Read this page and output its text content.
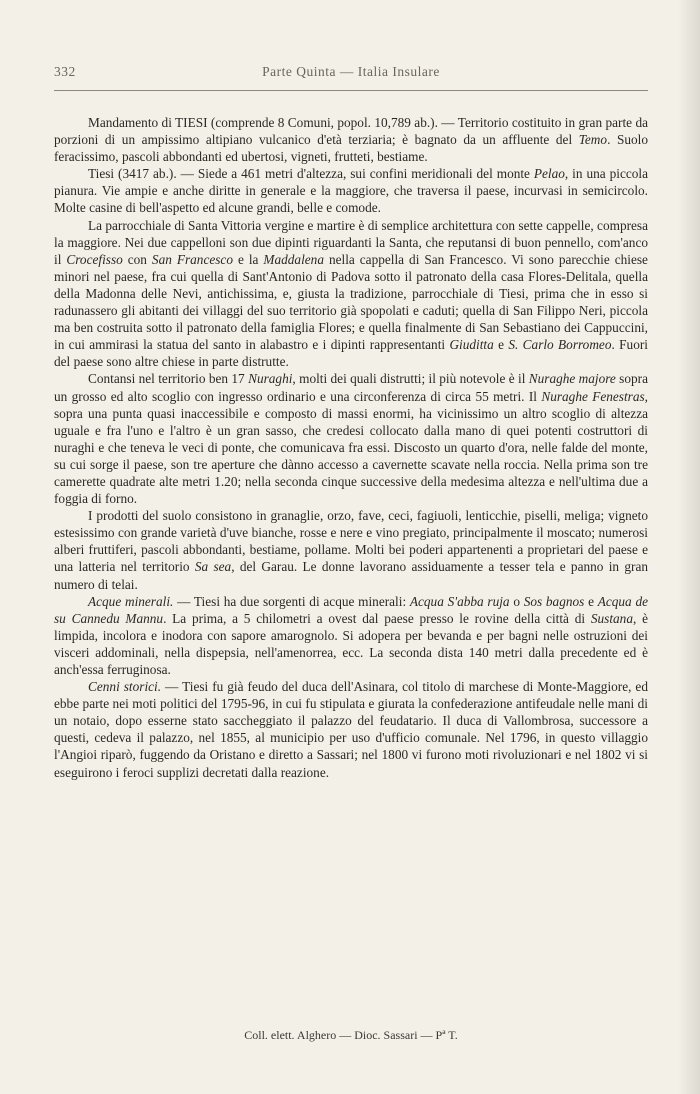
332	Parte Quinta — Italia Insulare

Mandamento di TIESI (comprende 8 Comuni, popol. 10,789 ab.). — Territorio costituito in gran parte da porzioni di un ampissimo altipiano vulcanico d'età terziaria; è bagnato da un affluente del Temo. Suolo feracissimo, pascoli abbondanti ed ubertosi, vigneti, frutteti, bestiame.

Tiesi (3417 ab.). — Siede a 461 metri d'altezza, sui confini meridionali del monte Pelao, in una piccola pianura. Vie ampie e anche diritte in generale e la maggiore, che traversa il paese, incurvasi in semicircolo. Molte casine di bell'aspetto ed alcune grandi, belle e comode.

La parrocchiale di Santa Vittoria vergine e martire è di semplice architettura con sette cappelle, compresa la maggiore. Nei due cappelloni son due dipinti riguardanti la Santa, che reputansi di buon pennello, com'anco il Crocefisso con San Francesco e la Maddalena nella cappella di San Francesco. Vi sono parecchie chiese minori nel paese, fra cui quella di Sant'Antonio di Padova sotto il patronato della casa Flores-Delitala, quella della Madonna delle Nevi, antichissima, e, giusta la tradizione, parrocchiale di Tiesi, prima che in esso si radunassero gli abitanti dei villaggi del suo territorio già spopolati e caduti; quella di San Filippo Neri, piccola ma ben costruita sotto il patronato della famiglia Flores; e quella finalmente di San Sebastiano dei Cappuccini, in cui ammirasi la statua del santo in alabastro e i dipinti rappresentanti Giuditta e S. Carlo Borromeo. Fuori del paese sono altre chiese in parte distrutte.

Contansi nel territorio ben 17 Nuraghi, molti dei quali distrutti; il più notevole è il Nuraghe majore sopra un grosso ed alto scoglio con ingresso ordinario e una circonferenza di circa 55 metri. Il Nuraghe Fenestras, sopra una punta quasi inaccessibile e composto di massi enormi, ha vicinissimo un altro scoglio di altezza uguale e fra l'uno e l'altro è un gran sasso, che credesi collocato dalla mano di quei potenti costruttori di nuraghi e che teneva le veci di ponte, che comunicava fra essi. Discosto un quarto d'ora, nelle falde del monte, su cui sorge il paese, son tre aperture che dànno accesso a cavernette scavate nella roccia. Nella prima son tre camerette quadrate alte metri 1.20; nella seconda cinque successive della medesima altezza e nell'ultima due a foggia di forno.

I prodotti del suolo consistono in granaglie, orzo, fave, ceci, fagiuoli, lenticchie, piselli, meliga; vigneto estesissimo con grande varietà d'uve bianche, rosse e nere e vino pregiato, principalmente il moscato; numerosi alberi fruttiferi, pascoli abbondanti, bestiame, pollame. Molti bei poderi appartenenti a proprietari del paese e una latteria nel territorio Sa sea, del Garau. Le donne lavorano assiduamente a tesser tela e panno in gran numero di telai.

Acque minerali. — Tiesi ha due sorgenti di acque minerali: Acqua S'abba ruja o Sos bagnos e Acqua de su Cannedu Mannu. La prima, a 5 chilometri a ovest dal paese presso le rovine della città di Sustana, è limpida, incolora e inodora con sapore amarognolo. Si adopera per bevanda e per bagni nelle ostruzioni dei visceri addominali, nella dispepsia, nell'amenorrea, ecc. La seconda dista 140 metri dalla precedente ed è anch'essa ferruginosa.

Cenni storici. — Tiesi fu già feudo del duca dell'Asinara, col titolo di marchese di Monte-Maggiore, ed ebbe parte nei moti politici del 1795-96, in cui fu stipulata e giurata la confederazione antifeudale nelle mani di un notaio, dopo esserne stato saccheggiato il palazzo del feudatario. Il duca di Vallombrosa, successore a questi, cedeva il palazzo, nel 1855, al municipio per uso d'ufficio comunale. Nel 1796, in questo villaggio l'Angioi riparò, fuggendo da Oristano e diretto a Sassari; nel 1800 vi furono moti rivoluzionari e nel 1802 vi si eseguirono i feroci supplizi decretati dalla reazione.

Coll. elett. Alghero — Dioc. Sassari — Pª T.
